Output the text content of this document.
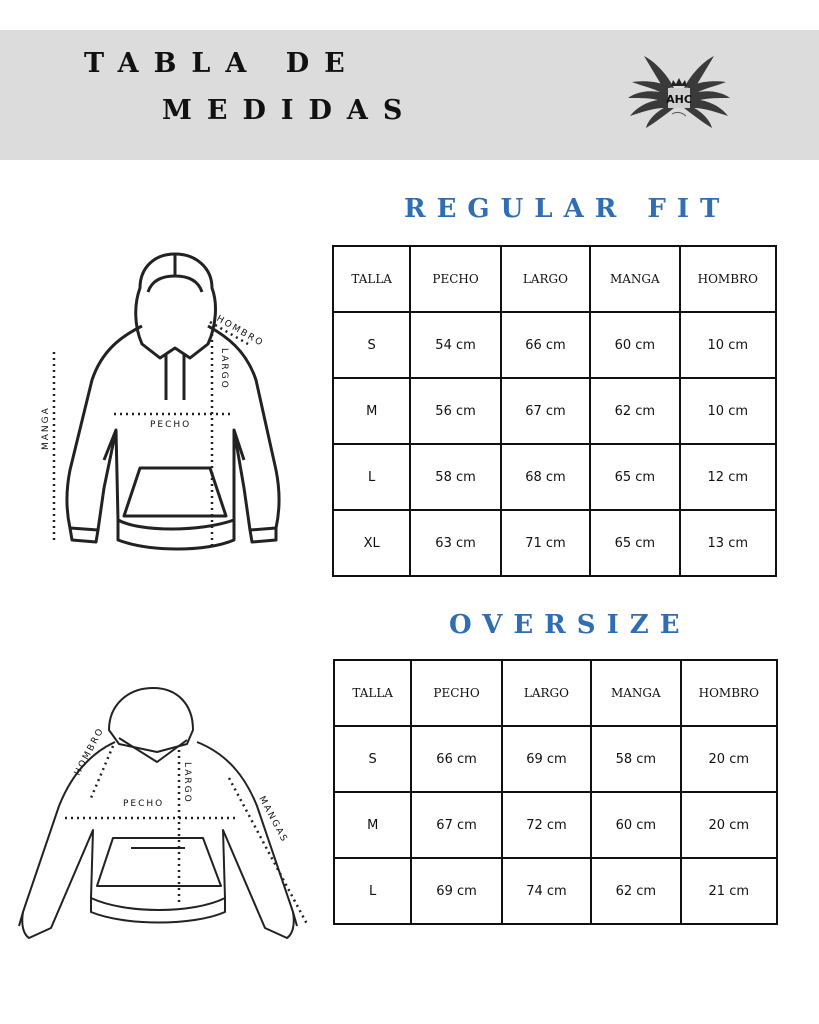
TABLA DE
MEDIDAS	AHC
REGULAR FIT
TALLA	PECHO	LARGO	MANGA	HOMBRO
S	54 cm	66 cm	60 cm	10 cm
M	56 cm	67 cm	62 cm	10 cm
L	58 cm	68 cm	65 cm	12 cm
XL	63 cm	71 cm	65 cm	13 cm
OVERSIZE
TALLA	PECHO	LARGO	MANGA	HOMBRO
S	66 cm	69 cm	58 cm	20 cm
M	67 cm	72 cm	60 cm	20 cm
L	69 cm	74 cm	62 cm	21 cm
HOMBRO
LARGO
PECHO
MANGA
HOMBRO
LARGO
PECHO	MANGAS
